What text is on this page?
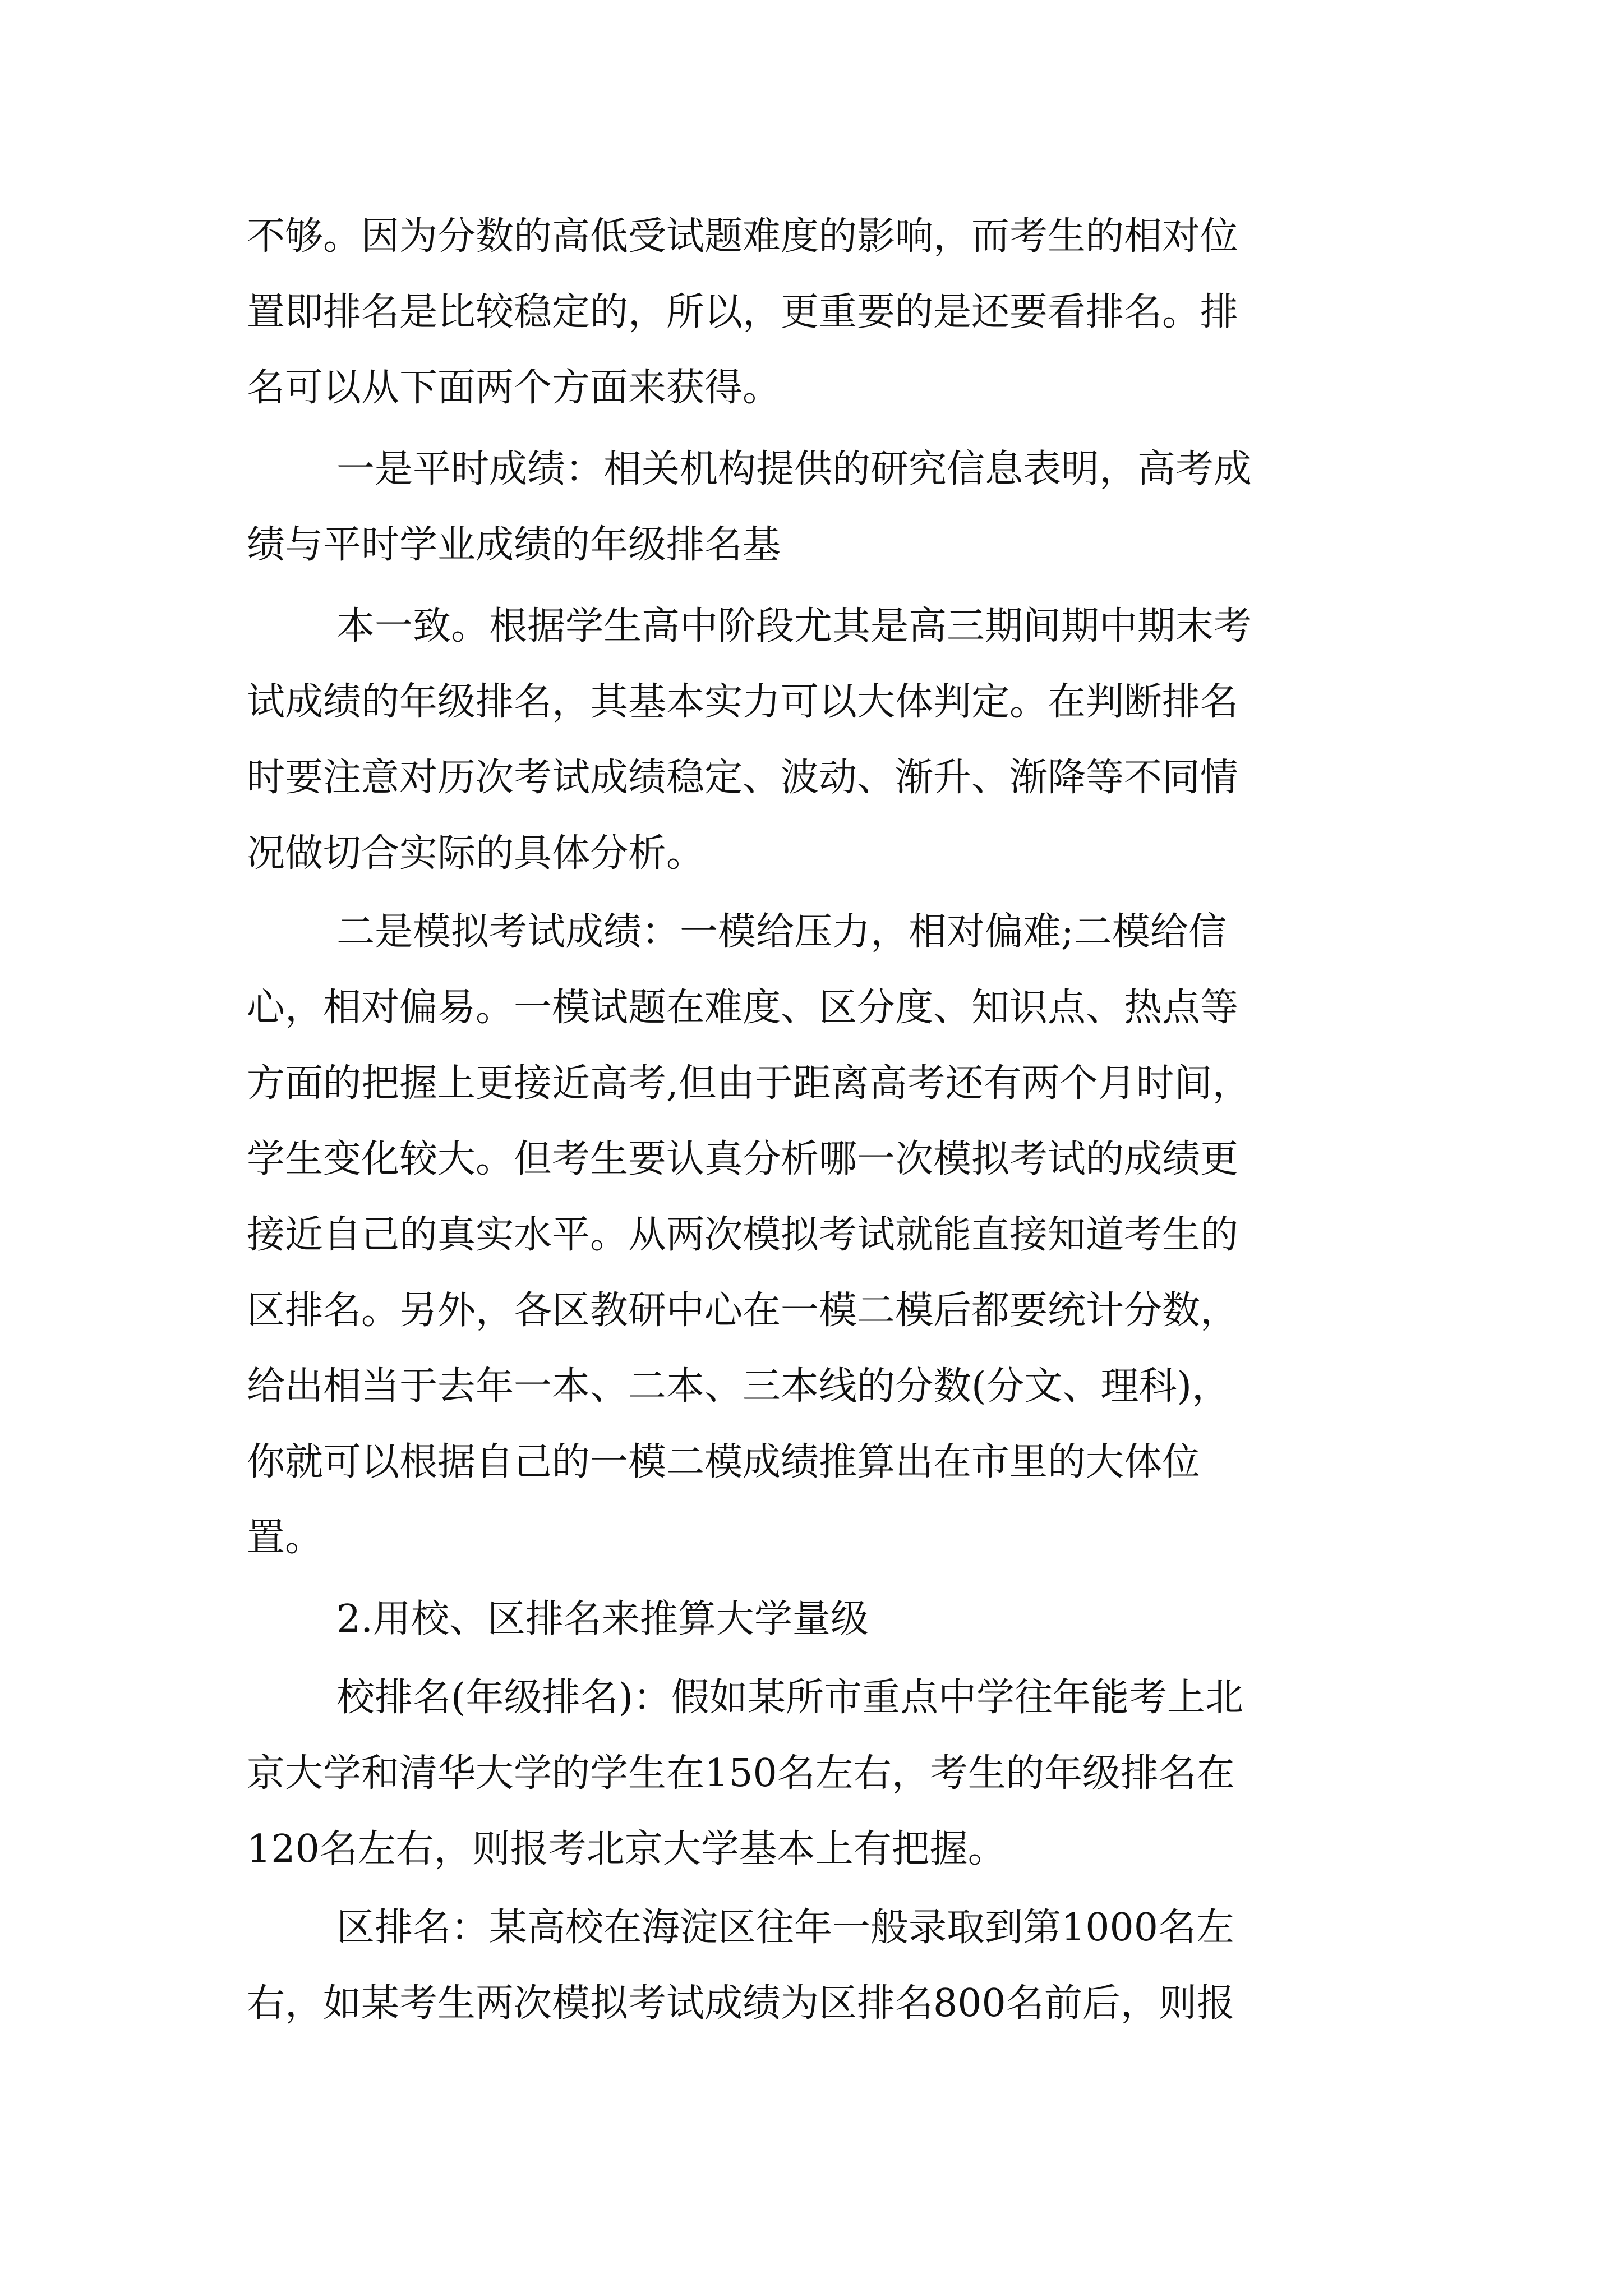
不够。因为分数的高低受试题难度的影响，而考生的相对位
置即排名是比较稳定的，所以，更重要的是还要看排名。排
名可以从下面两个方面来获得。
一是平时成绩：相关机构提供的研究信息表明，高考成
绩与平时学业成绩的年级排名基
本一致。根据学生高中阶段尤其是高三期间期中期末考
试成绩的年级排名，其基本实力可以大体判定。在判断排名
时要注意对历次考试成绩稳定、波动、渐升、渐降等不同情
况做切合实际的具体分析。
二是模拟考试成绩：一模给压力，相对偏难;二模给信
心，相对偏易。一模试题在难度、区分度、知识点、热点等
方面的把握上更接近高考,但由于距离高考还有两个月时间，
学生变化较大。但考生要认真分析哪一次模拟考试的成绩更
接近自己的真实水平。从两次模拟考试就能直接知道考生的
区排名。另外，各区教研中心在一模二模后都要统计分数，
给出相当于去年一本、二本、三本线的分数(分文、理科)，
你就可以根据自己的一模二模成绩推算出在市里的大体位
置。
2.用校、区排名来推算大学量级
校排名(年级排名)：假如某所市重点中学往年能考上北
京大学和清华大学的学生在150名左右，考生的年级排名在
120名左右，则报考北京大学基本上有把握。
区排名：某高校在海淀区往年一般录取到第1000名左
右，如某考生两次模拟考试成绩为区排名800名前后，则报
